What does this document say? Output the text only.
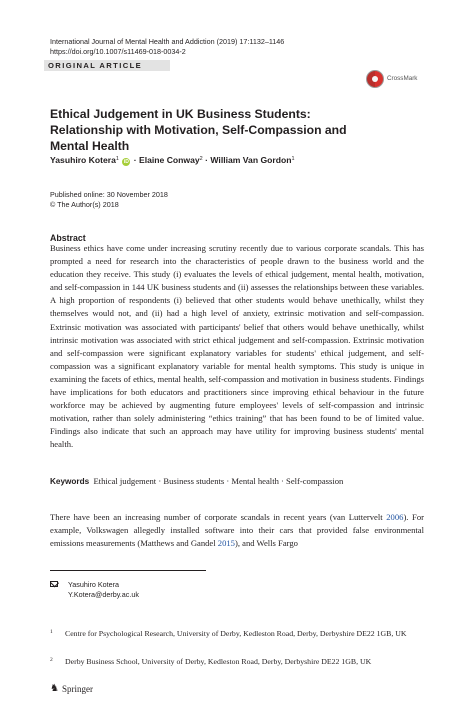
International Journal of Mental Health and Addiction (2019) 17:1132–1146
https://doi.org/10.1007/s11469-018-0034-2
ORIGINAL ARTICLE
CrossMark
Ethical Judgement in UK Business Students: Relationship with Motivation, Self-Compassion and Mental Health
Yasuhiro Kotera$^1$ iD · Elaine Conway$^2$ · William Van Gordon$^1$
Published online: 30 November 2018
© The Author(s) 2018
Abstract
Business ethics have come under increasing scrutiny recently due to various corporate scandals. This has prompted a need for research into the characteristics of people drawn to the business world and the education they receive. This study (i) evaluates the levels of ethical judgement, mental health, motivation, and self-compassion in 144 UK business students and (ii) assesses the relationships between these variables. A high proportion of respondents (i) believed that other students would behave unethically, whilst they themselves would not, and (ii) had a high level of anxiety, extrinsic motivation and self-compassion. Extrinsic motivation was associated with participants' belief that others would behave unethically, whilst intrinsic motivation was associated with strict ethical judgement and self-compassion. Extrinsic motivation and self-compassion were significant explanatory variables for students' ethical judgement, and self-compassion was a significant explanatory variable for mental health symptoms. This study is unique in examining the facets of ethics, mental health, self-compassion and motivation in business students. Findings have implications for both educators and practitioners since improving ethical behaviour in the future workforce may be achieved by augmenting future employees' levels of self-compassion and intrinsic motivation, rather than solely administering “ethics training” that has been found to be of limited value. Findings also indicate that such an approach may have utility for improving business students' mental health.
Keywords Ethical judgement · Business students · Mental health · Self-compassion
There have been an increasing number of corporate scandals in recent years (van Luttervelt 2006). For example, Volkswagen allegedly installed software into their cars that provided false environmental emissions measurements (Matthews and Gandel 2015), and Wells Fargo
Yasuhiro Kotera
Y.Kotera@derby.ac.uk
1 Centre for Psychological Research, University of Derby, Kedleston Road, Derby, Derbyshire DE22 1GB, UK
2 Derby Business School, University of Derby, Kedleston Road, Derby, Derbyshire DE22 1GB, UK
♞ Springer
